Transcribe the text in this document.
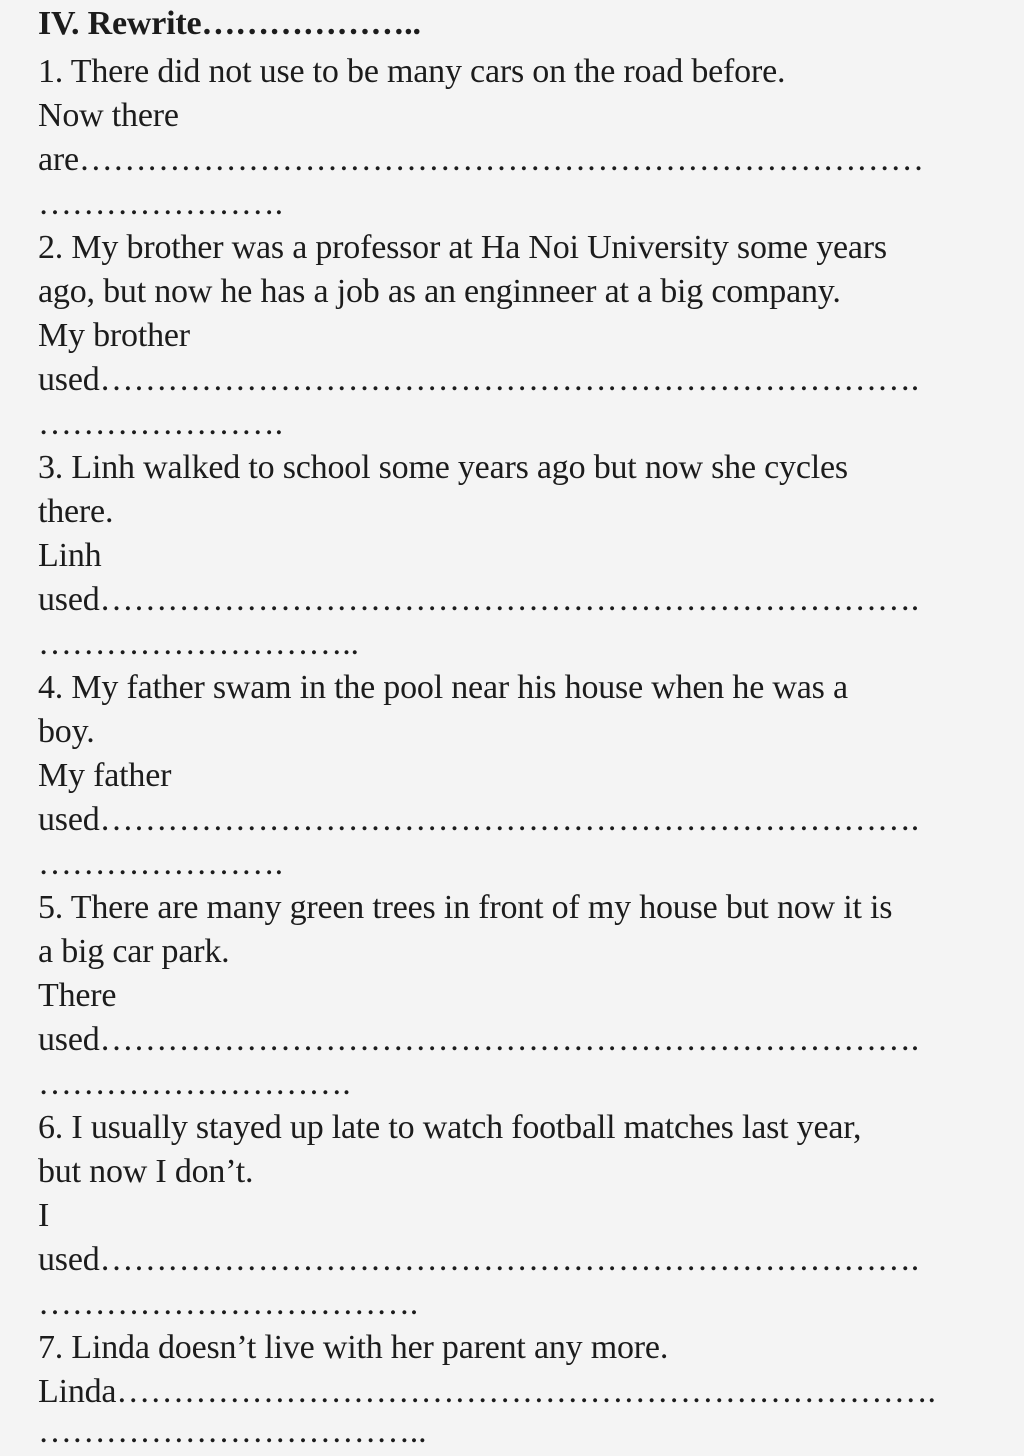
IV. Rewrite………………..
1. There did not use to be many cars on the road before.
Now there
are…………………………………………………………………
………………….
2. My brother was a professor at Ha Noi University some years
ago, but now he has a job as an enginneer at a big company.
My brother
used……………………………………………………………….
………………….
3. Linh walked to school some years ago but now she cycles
there.
Linh
used……………………………………………………………….
………………………..
4. My father swam in the pool near his house when he was a
boy.
My father
used……………………………………………………………….
………………….
5. There are many green trees in front of my house but now it is
a big car park.
There
used……………………………………………………………….
……………………….
6. I usually stayed up late to watch football matches last year,
but now I don’t.
I
used……………………………………………………………….
…………………………….
7. Linda doesn’t live with her parent any more.
Linda……………………………………………………………….
……………………………..
